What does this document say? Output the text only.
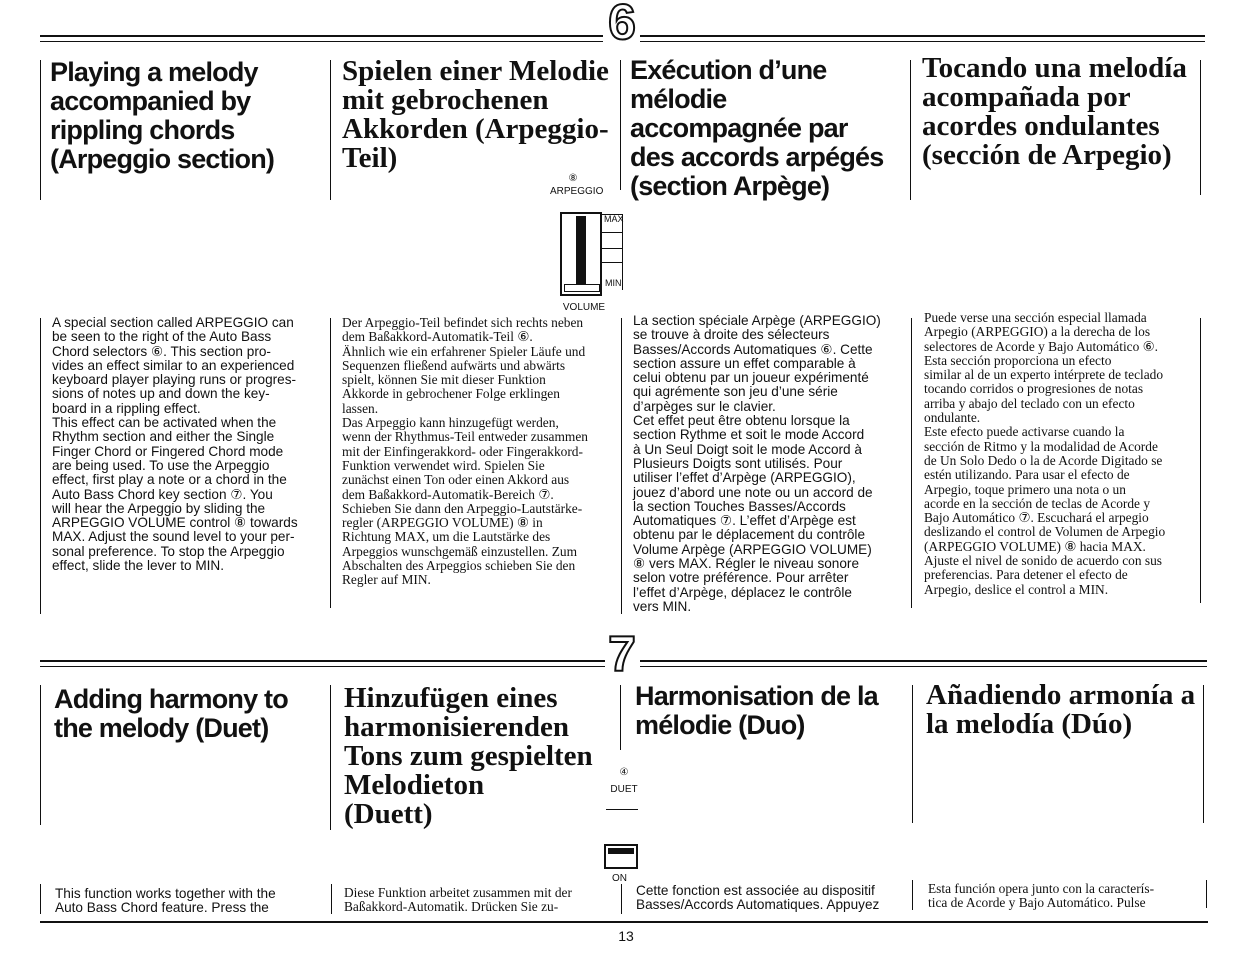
6
Playing a melody
accompanied by
rippling chords
(Arpeggio section)
Spielen einer Melodie
mit gebrochenen
Akkorden (Arpeggio-
Teil)
Exécution d’une
mélodie
accompagnée par
des accords arpégés
(section Arpège)
Tocando una melodía
acompañada por
acordes ondulantes
(sección de Arpegio)
⑧
ARPEGGIO
MAX
MIN
VOLUME

A special section called ARPEGGIO can
be seen to the right of the Auto Bass
Chord selectors ⑥. This section pro-
vides an effect similar to an experienced
keyboard player playing runs or progres-
sions of notes up and down the key-
board in a rippling effect.
This effect can be activated when the
Rhythm section and either the Single
Finger Chord or Fingered Chord mode
are being used. To use the Arpeggio
effect, first play a note or a chord in the
Auto Bass Chord key section ⑦. You
will hear the Arpeggio by sliding the
ARPEGGIO VOLUME control ⑧ towards
MAX. Adjust the sound level to your per-
sonal preference. To stop the Arpeggio
effect, slide the lever to MIN.

Der Arpeggio-Teil befindet sich rechts neben
dem Baßakkord-Automatik-Teil ⑥.
Ähnlich wie ein erfahrener Spieler Läufe und
Sequenzen fließend aufwärts und abwärts
spielt, können Sie mit dieser Funktion
Akkorde in gebrochener Folge erklingen
lassen.
Das Arpeggio kann hinzugefügt werden,
wenn der Rhythmus-Teil entweder zusammen
mit der Einfingerakkord- oder Fingerakkord-
Funktion verwendet wird. Spielen Sie
zunächst einen Ton oder einen Akkord aus
dem Baßakkord-Automatik-Bereich ⑦.
Schieben Sie dann den Arpeggio-Lautstärke-
regler (ARPEGGIO VOLUME) ⑧ in
Richtung MAX, um die Lautstärke des
Arpeggios wunschgemäß einzustellen. Zum
Abschalten des Arpeggios schieben Sie den
Regler auf MIN.

La section spéciale Arpège (ARPEGGIO)
se trouve à droite des sélecteurs
Basses/Accords Automatiques ⑥. Cette
section assure un effet comparable à
celui obtenu par un joueur expérimenté
qui agrémente son jeu d’une série
d’arpèges sur le clavier.
Cet effet peut être obtenu lorsque la
section Rythme et soit le mode Accord
à Un Seul Doigt soit le mode Accord à
Plusieurs Doigts sont utilisés. Pour
utiliser l’effet d’Arpège (ARPEGGIO),
jouez d’abord une note ou un accord de
la section Touches Basses/Accords
Automatiques ⑦. L’effet d’Arpège est
obtenu par le déplacement du contrôle
Volume Arpège (ARPEGGIO VOLUME)
⑧ vers MAX. Régler le niveau sonore
selon votre préférence. Pour arrêter
l’effet d’Arpège, déplacez le contrôle
vers MIN.

Puede verse una sección especial llamada
Arpegio (ARPEGGIO) a la derecha de los
selectores de Acorde y Bajo Automático ⑥.
Esta sección proporciona un efecto
similar al de un experto intérprete de teclado
tocando corridos o progresiones de notas
arriba y abajo del teclado con un efecto
ondulante.
Este efecto puede activarse cuando la
sección de Ritmo y la modalidad de Acorde
de Un Solo Dedo o la de Acorde Digitado se
estén utilizando. Para usar el efecto de
Arpegio, toque primero una nota o un
acorde en la sección de teclas de Acorde y
Bajo Automático ⑦. Escuchará el arpegio
deslizando el control de Volumen de Arpegio
(ARPEGGIO VOLUME) ⑧ hacia MAX.
Ajuste el nivel de sonido de acuerdo con sus
preferencias. Para detener el efecto de
Arpegio, deslice el control a MIN.

7
Adding harmony to
the melody (Duet)
Hinzufügen eines
harmonisierenden
Tons zum gespielten
Melodieton
(Duett)
Harmonisation de la
mélodie (Duo)
Añadiendo armonía a
la melodía (Dúo)
④
DUET
ON

This function works together with the
Auto Bass Chord feature. Press the

Diese Funktion arbeitet zusammen mit der
Baßakkord-Automatik. Drücken Sie zu-

Cette fonction est associée au dispositif
Basses/Accords Automatiques. Appuyez

Esta función opera junto con la caracterís-
tica de Acorde y Bajo Automático. Pulse

13
